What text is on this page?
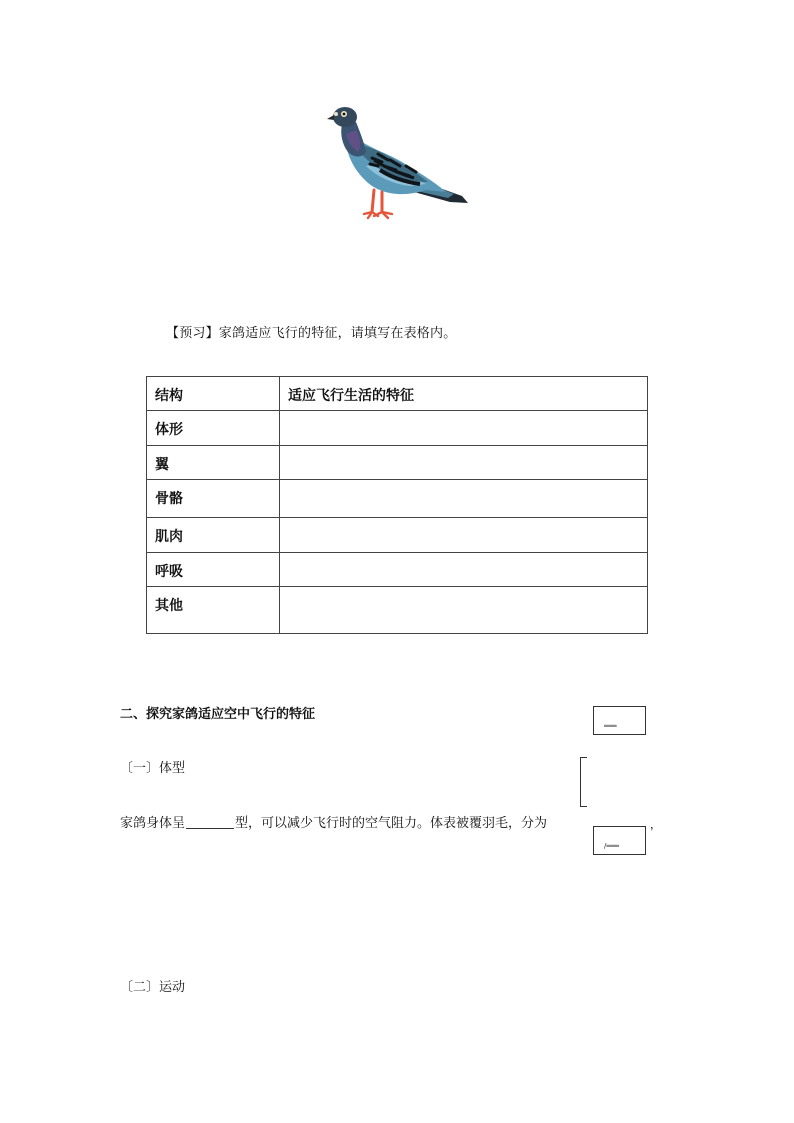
【预习】家鸽适应飞行的特征，请填写在表格内。
结构	适应飞行生活的特征

体形	

翼	

骨骼	

肌肉	

呼吸	

其他	

二、探究家鸽适应空中飞行的特征
═══
〔一〕体型
家鸽身体呈	型，可以减少飞行时的空气阻力。体表被覆羽毛，分为
/═══
，
〔二〕运动
